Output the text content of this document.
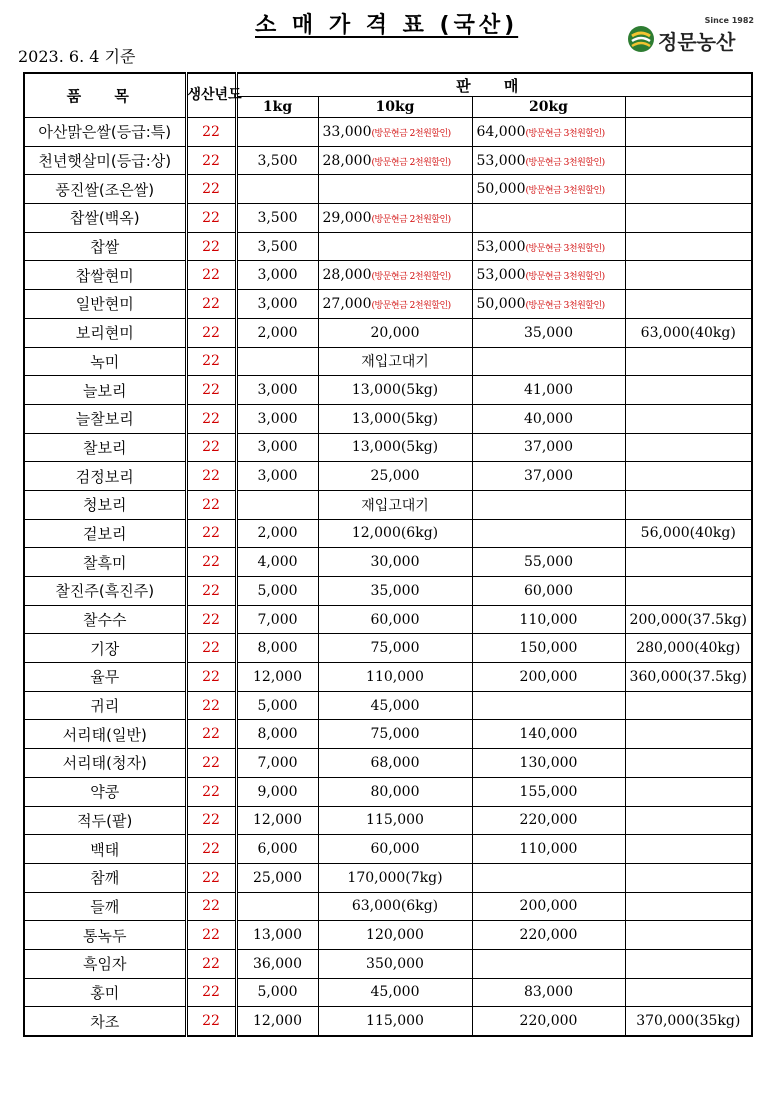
소 매 가 격 표 (국산)
2023. 6. 4 기준
Since 1982
정문농산
품 목	생산년도	판 매			
		1kg	10kg	20kg	
아산맑은쌀(등급:특)	22		33,000(방문현금 2천원할인)	64,000(방문현금 3천원할인)	
천년햇살미(등급:상)	22	3,500	28,000(방문현금 2천원할인)	53,000(방문현금 3천원할인)	
풍진쌀(조은쌀)	22			50,000(방문현금 3천원할인)	
찹쌀(백옥)	22	3,500	29,000(방문현금 2천원할인)		
찹쌀	22	3,500		53,000(방문현금 3천원할인)	
찹쌀현미	22	3,000	28,000(방문현금 2천원할인)	53,000(방문현금 3천원할인)	
일반현미	22	3,000	27,000(방문현금 2천원할인)	50,000(방문현금 3천원할인)	
보리현미	22	2,000	20,000	35,000	63,000(40kg)
녹미	22		재입고대기		
늘보리	22	3,000	13,000(5kg)	41,000	
늘찰보리	22	3,000	13,000(5kg)	40,000	
찰보리	22	3,000	13,000(5kg)	37,000	
검정보리	22	3,000	25,000	37,000	
청보리	22		재입고대기		
겉보리	22	2,000	12,000(6kg)		56,000(40kg)
찰흑미	22	4,000	30,000	55,000	
찰진주(흑진주)	22	5,000	35,000	60,000	
찰수수	22	7,000	60,000	110,000	200,000(37.5kg)
기장	22	8,000	75,000	150,000	280,000(40kg)
율무	22	12,000	110,000	200,000	360,000(37.5kg)
귀리	22	5,000	45,000		
서리태(일반)	22	8,000	75,000	140,000	
서리태(청자)	22	7,000	68,000	130,000	
약콩	22	9,000	80,000	155,000	
적두(팥)	22	12,000	115,000	220,000	
백태	22	6,000	60,000	110,000	
참깨	22	25,000	170,000(7kg)		
들깨	22		63,000(6kg)	200,000	
통녹두	22	13,000	120,000	220,000	
흑임자	22	36,000	350,000		
홍미	22	5,000	45,000	83,000	
차조	22	12,000	115,000	220,000	370,000(35kg)
